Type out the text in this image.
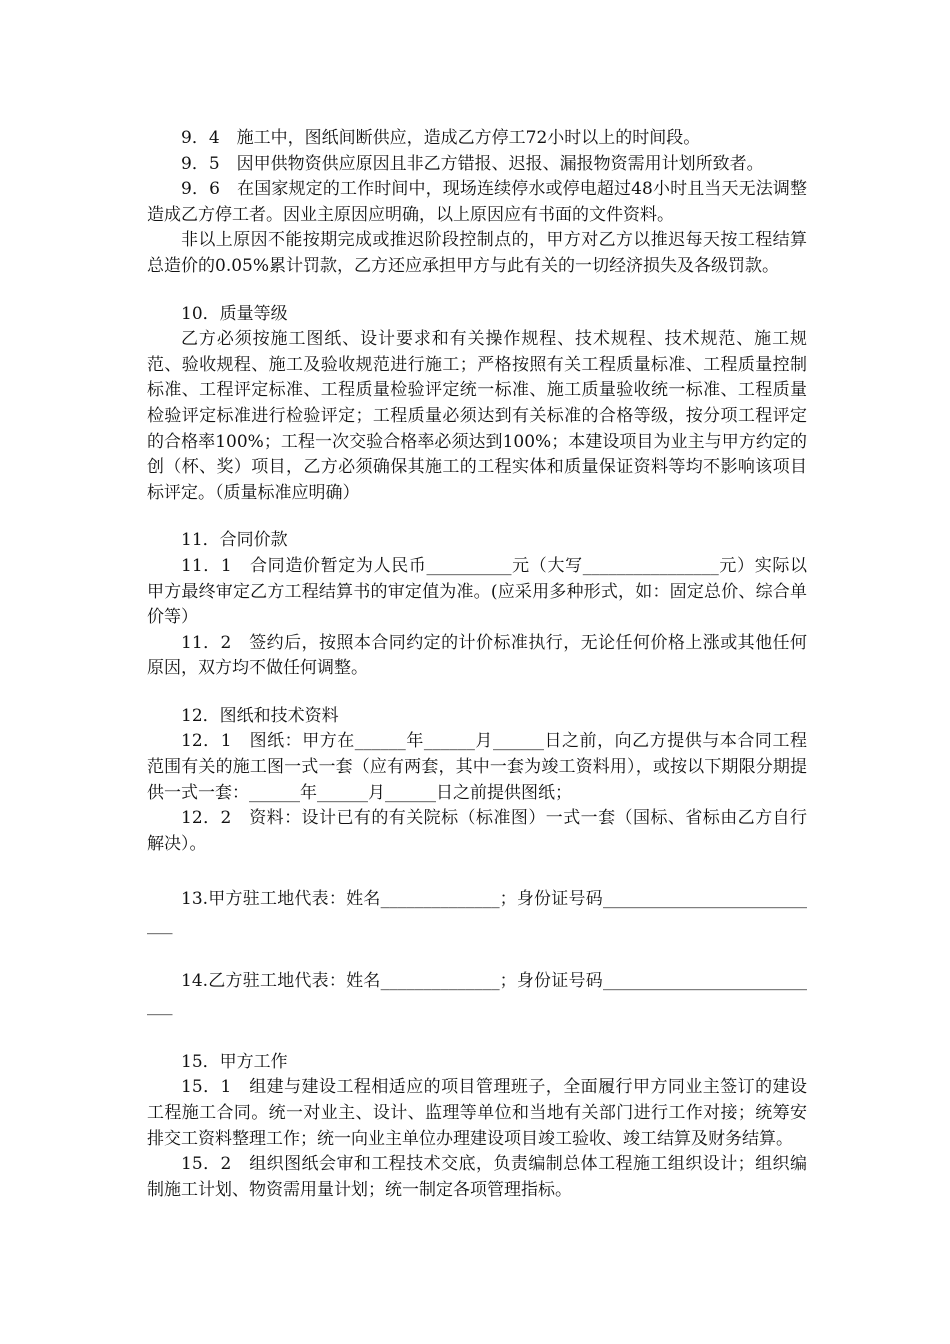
9．4　施工中，图纸间断供应，造成乙方停工72小时以上的时间段。

9．5　因甲供物资供应原因且非乙方错报、迟报、漏报物资需用计划所致者。

9．6　在国家规定的工作时间中，现场连续停水或停电超过48小时且当天无法调整造成乙方停工者。因业主原因应明确，以上原因应有书面的文件资料。

非以上原因不能按期完成或推迟阶段控制点的，甲方对乙方以推迟每天按工程结算总造价的0.05%累计罚款，乙方还应承担甲方与此有关的一切经济损失及各级罚款。

10．质量等级

乙方必须按施工图纸、设计要求和有关操作规程、技术规程、技术规范、施工规范、验收规程、施工及验收规范进行施工；严格按照有关工程质量标准、工程质量控制标准、工程评定标准、工程质量检验评定统一标准、施工质量验收统一标准、工程质量检验评定标准进行检验评定；工程质量必须达到有关标准的合格等级，按分项工程评定的合格率100%；工程一次交验合格率必须达到100%；本建设项目为业主与甲方约定的创（杯、奖）项目，乙方必须确保其施工的工程实体和质量保证资料等均不影响该项目标评定。（质量标准应明确）

11．合同价款

11．1　合同造价暂定为人民币__________元（大写________________元）实际以甲方最终审定乙方工程结算书的审定值为准。(应采用多种形式，如：固定总价、综合单价等）

11．2　签约后，按照本合同约定的计价标准执行，无论任何价格上涨或其他任何原因，双方均不做任何调整。

12．图纸和技术资料

12．1　图纸：甲方在______年______月______日之前，向乙方提供与本合同工程范围有关的施工图一式一套（应有两套，其中一套为竣工资料用），或按以下期限分期提供一式一套：______年______月______日之前提供图纸；

12．2　资料：设计已有的有关院标（标准图）一式一套（国标、省标由乙方自行解决）。

13.甲方驻工地代表：姓名______________；身份证号码___________________________

14.乙方驻工地代表：姓名______________；身份证号码___________________________

15．甲方工作

15．1　组建与建设工程相适应的项目管理班子，全面履行甲方同业主签订的建设工程施工合同。统一对业主、设计、监理等单位和当地有关部门进行工作对接；统筹安排交工资料整理工作；统一向业主单位办理建设项目竣工验收、竣工结算及财务结算。

15．2　组织图纸会审和工程技术交底，负责编制总体工程施工组织设计；组织编制施工计划、物资需用量计划；统一制定各项管理指标。
